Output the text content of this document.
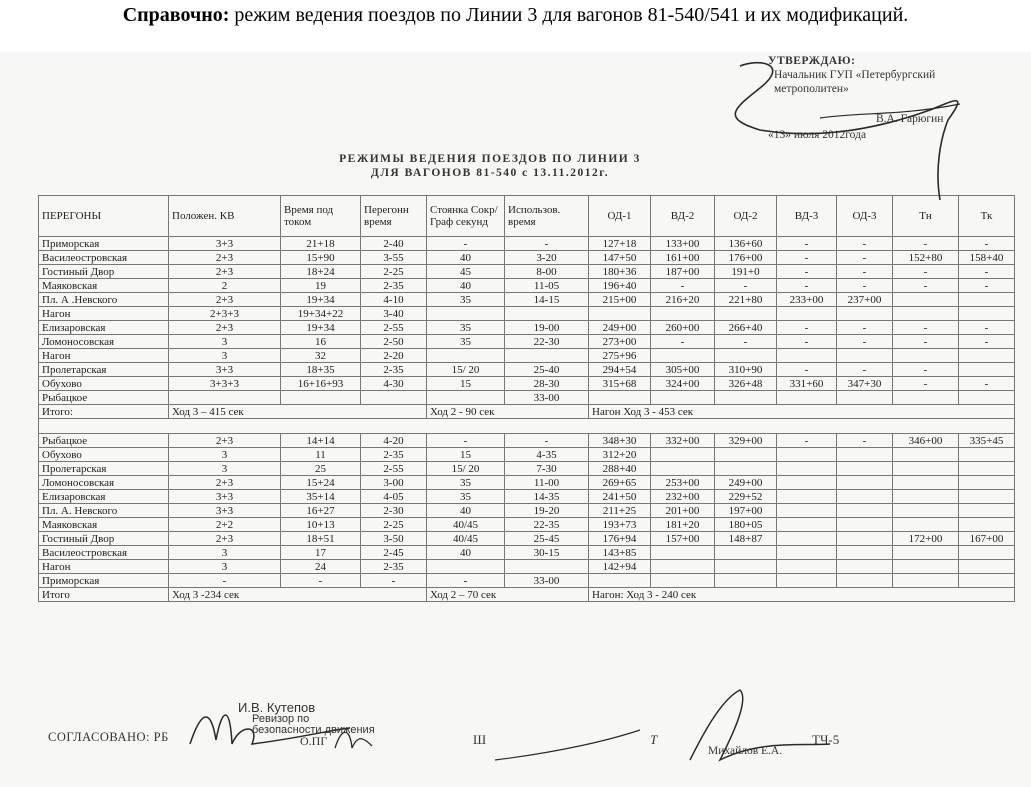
Справочно: режим ведения поездов по Линии 3 для вагонов 81-540/541 и их модификаций.
УТВЕРЖДАЮ:
Начальник ГУП «Петербургский
метрополитен»
В.А. Гарюгин
«13» июля 2012года
РЕЖИМЫ ВЕДЕНИЯ ПОЕЗДОВ ПО ЛИНИИ 3
ДЛЯ ВАГОНОВ 81-540 с 13.11.2012г.
ПЕРЕГОНЫ	Положен. КВ	Время под током	Перегонн время	Стоянка Сокр/Граф секунд	Использов. время	ОД-1	ВД-2	ОД-2	ВД-3	ОД-3	Тн	Тк
Приморская	3+3	21+18	2-40	-	-	127+18	133+00	136+60	-	-	-	-
Василеостровская	2+3	15+90	3-55	40	3-20	147+50	161+00	176+00	-	-	152+80	158+40
Гостиный Двор	2+3	18+24	2-25	45	8-00	180+36	187+00	191+0	-	-	-	-
Маяковская	2	19	2-35	40	11-05	196+40	-	-	-	-	-	-
Пл. А .Невского	2+3	19+34	4-10	35	14-15	215+00	216+20	221+80	233+00	237+00		
Нагон	2+3+3	19+34+22	3-40									
Елизаровская	2+3	19+34	2-55	35	19-00	249+00	260+00	266+40	-	-	-	-
Ломоносовская	3	16	2-50	35	22-30	273+00	-	-	-	-	-	-
Нагон	3	32	2-20			275+96						
Пролетарская	3+3	18+35	2-35	15/ 20	25-40	294+54	305+00	310+90	-	-	-	
Обухово	3+3+3	16+16+93	4-30	15	28-30	315+68	324+00	326+48	331+60	347+30	-	-
Рыбацкое					33-00							
Итого:	Ход 3 – 415 сек			Ход 2 - 90 сек		Нагон Ход 3 - 453 сек						

Рыбацкое	2+3	14+14	4-20	-	-	348+30	332+00	329+00	-	-	346+00	335+45
Обухово	3	11	2-35	15	4-35	312+20						
Пролетарская	3	25	2-55	15/ 20	7-30	288+40						
Ломоносовская	2+3	15+24	3-00	35	11-00	269+65	253+00	249+00				
Елизаровская	3+3	35+14	4-05	35	14-35	241+50	232+00	229+52				
Пл. А. Невского	3+3	16+27	2-30	40	19-20	211+25	201+00	197+00				
Маяковская	2+2	10+13	2-25	40/45	22-35	193+73	181+20	180+05				
Гостиный Двор	2+3	18+51	3-50	40/45	25-45	176+94	157+00	148+87			172+00	167+00
Василеостровская	3	17	2-45	40	30-15	143+85						
Нагон	3	24	2-35			142+94						
Приморская	-	-	-	-	33-00							
Итого	Ход 3 -234 сек			Ход 2 – 70 сек		Нагон: Ход 3 - 240 сек						
СОГЛАСОВАНО: РБ
И.В. Кутепов
Ревизор по
безопасности движения
О.ПГ	Ш	Т
Михайлов Е.А.
ТЧ-5
